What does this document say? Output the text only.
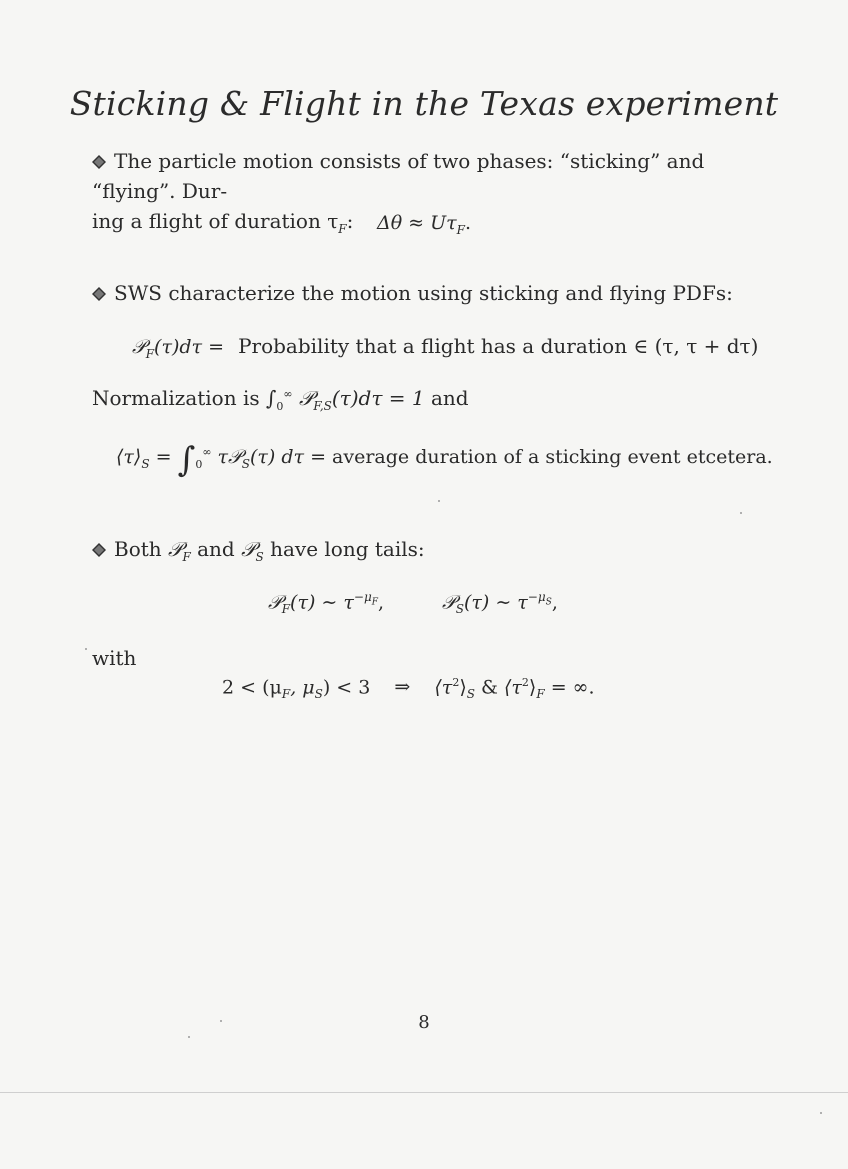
Sticking & Flight in the Texas experiment
The particle motion consists of two phases: “sticking” and “flying”. Dur-
ing a flight of duration $\tau_F$:	$\Delta\theta \approx U\tau_F$.
SWS characterize the motion using sticking and flying PDFs:
𝒫$_F$(τ)dτ = Probability that a flight has a duration ∈ (τ, τ + dτ)
Normalization is $\int_0^\infty$ 𝒫$_{F,S}$(τ)dτ = 1 and
$⟨\tau⟩_S = \int_0^\infty$ τ𝒫$_S$(τ) dτ = average duration of a sticking event etcetera.
Both 𝒫$_F$ and 𝒫$_S$ have long tails:
𝒫$_F$(τ) ∼ $\tau^{-\mu_F}$,	𝒫$_S$(τ) ∼ $\tau^{-\mu_S}$,
with
$2 < (\mu_F$, $\mu_S) < 3$ ⇒ $⟨\tau^2⟩_S$ & $⟨\tau^2⟩_F$ = ∞.
8
